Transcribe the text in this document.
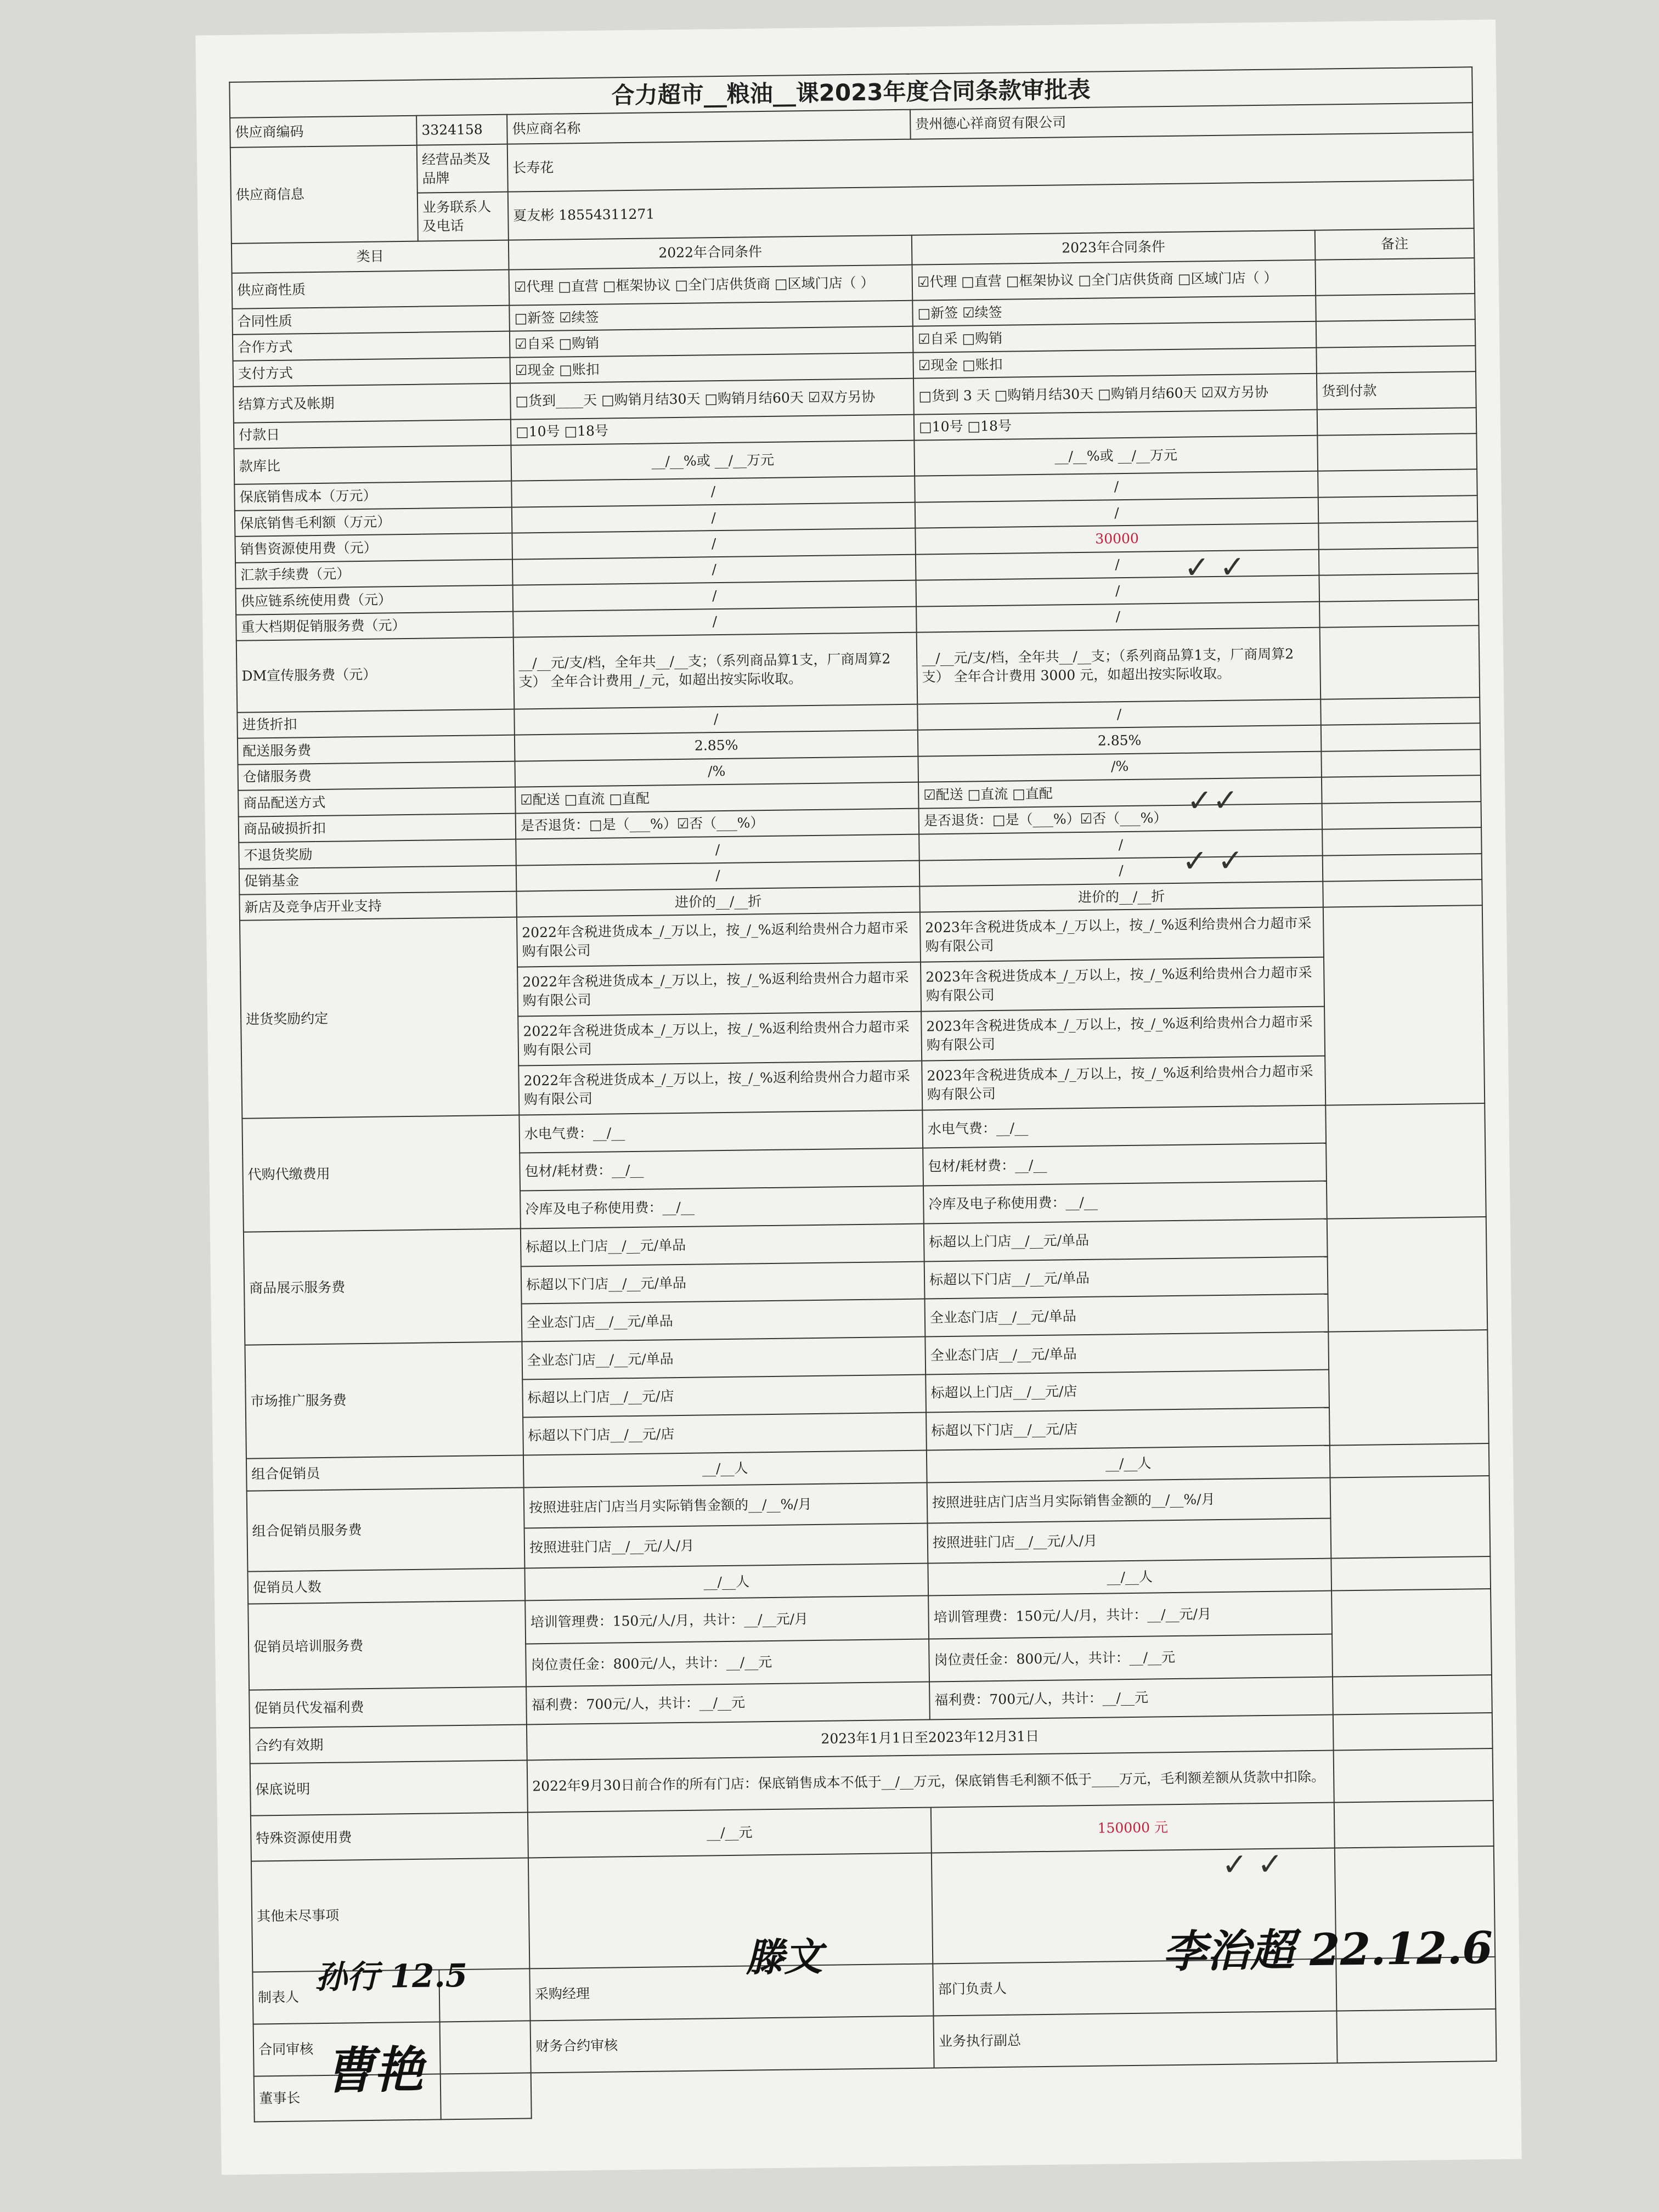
合力超市__粮油__课2023年度合同条款审批表				
供应商编码	3324158	供应商名称	贵州德心祥商贸有限公司	
供应商信息	经营品类及品牌	长寿花		
	业务联系人及电话	夏友彬 18554311271		
类目		2022年合同条件	2023年合同条件	备注
供应商性质		☑代理 □直营 □框架协议 □全门店供货商 □区域门店（ ）	☑代理 □直营 □框架协议 □全门店供货商 □区域门店（ ）	
合同性质		□新签 ☑续签	□新签 ☑续签	
合作方式		☑自采 □购销	☑自采 □购销	
支付方式		☑现金 □账扣	☑现金 □账扣	
结算方式及帐期		□货到____天 □购销月结30天 □购销月结60天 ☑双方另协	□货到 3 天 □购销月结30天 □购销月结60天 ☑双方另协	货到付款
付款日		□10号 □18号	□10号 □18号	
款库比		__/__%或 __/__万元	__/__%或 __/__万元	
保底销售成本（万元）		/	/	
保底销售毛利额（万元）		/	/	
销售资源使用费（元）		/	30000	
汇款手续费（元）		/	/	
供应链系统使用费（元）		/	/	
重大档期促销服务费（元）		/	/	
DM宣传服务费（元）		__/__元/支/档，全年共__/__支；（系列商品算1支，厂商周算2支） 全年合计费用_/_元，如超出按实际收取。	__/__元/支/档，全年共__/__支；（系列商品算1支，厂商周算2支） 全年合计费用 3000 元，如超出按实际收取。	
进货折扣		/	/	
配送服务费		2.85%	2.85%	
仓储服务费		/%	/%	
商品配送方式		☑配送 □直流 □直配	☑配送 □直流 □直配	
商品破损折扣		是否退货：□是（___%）☑否（___%）	是否退货：□是（___%）☑否（___%）	
不退货奖励		/	/	
促销基金		/	/	
新店及竞争店开业支持		进价的__/__折	进价的__/__折	
进货奖励约定		2022年含税进货成本_/_万以上，按_/_%返利给贵州合力超市采购有限公司	2023年含税进货成本_/_万以上，按_/_%返利给贵州合力超市采购有限公司	
		2022年含税进货成本_/_万以上，按_/_%返利给贵州合力超市采购有限公司	2023年含税进货成本_/_万以上，按_/_%返利给贵州合力超市采购有限公司	
		2022年含税进货成本_/_万以上，按_/_%返利给贵州合力超市采购有限公司	2023年含税进货成本_/_万以上，按_/_%返利给贵州合力超市采购有限公司	
		2022年含税进货成本_/_万以上，按_/_%返利给贵州合力超市采购有限公司	2023年含税进货成本_/_万以上，按_/_%返利给贵州合力超市采购有限公司	
代购代缴费用		水电气费：__/__	水电气费：__/__	
		包材/耗材费：__/__	包材/耗材费：__/__	
		冷库及电子称使用费：__/__	冷库及电子称使用费：__/__	
商品展示服务费		标超以上门店__/__元/单品	标超以上门店__/__元/单品	
		标超以下门店__/__元/单品	标超以下门店__/__元/单品	
		全业态门店__/__元/单品	全业态门店__/__元/单品	
市场推广服务费		全业态门店__/__元/单品	全业态门店__/__元/单品	
		标超以上门店__/__元/店	标超以上门店__/__元/店	
		标超以下门店__/__元/店	标超以下门店__/__元/店	
组合促销员		__/__人	__/__人	
组合促销员服务费		按照进驻店门店当月实际销售金额的__/__%/月	按照进驻店门店当月实际销售金额的__/__%/月	
		按照进驻门店__/__元/人/月	按照进驻门店__/__元/人/月	
促销员人数		__/__人	__/__人	
促销员培训服务费		培训管理费：150元/人/月，共计：__/__元/月	培训管理费：150元/人/月，共计：__/__元/月	
		岗位责任金：800元/人，共计：__/__元	岗位责任金：800元/人，共计：__/__元	
促销员代发福利费		福利费：700元/人，共计：__/__元	福利费：700元/人，共计：__/__元	
合约有效期		2023年1月1日至2023年12月31日		
保底说明		2022年9月30日前合作的所有门店：保底销售成本不低于__/__万元，保底销售毛利额不低于____万元，毛利额差额从货款中扣除。		
特殊资源使用费		__/__元	150000 元	
其他未尽事项				
制表人		采购经理	部门负责人	
合同审核		财务合约审核	业务执行副总	
董事长				
孙行 12.5	滕文	李治超 22.12.6
曹艳
✓ ✓
✓✓
✓ ✓
✓ ✓
